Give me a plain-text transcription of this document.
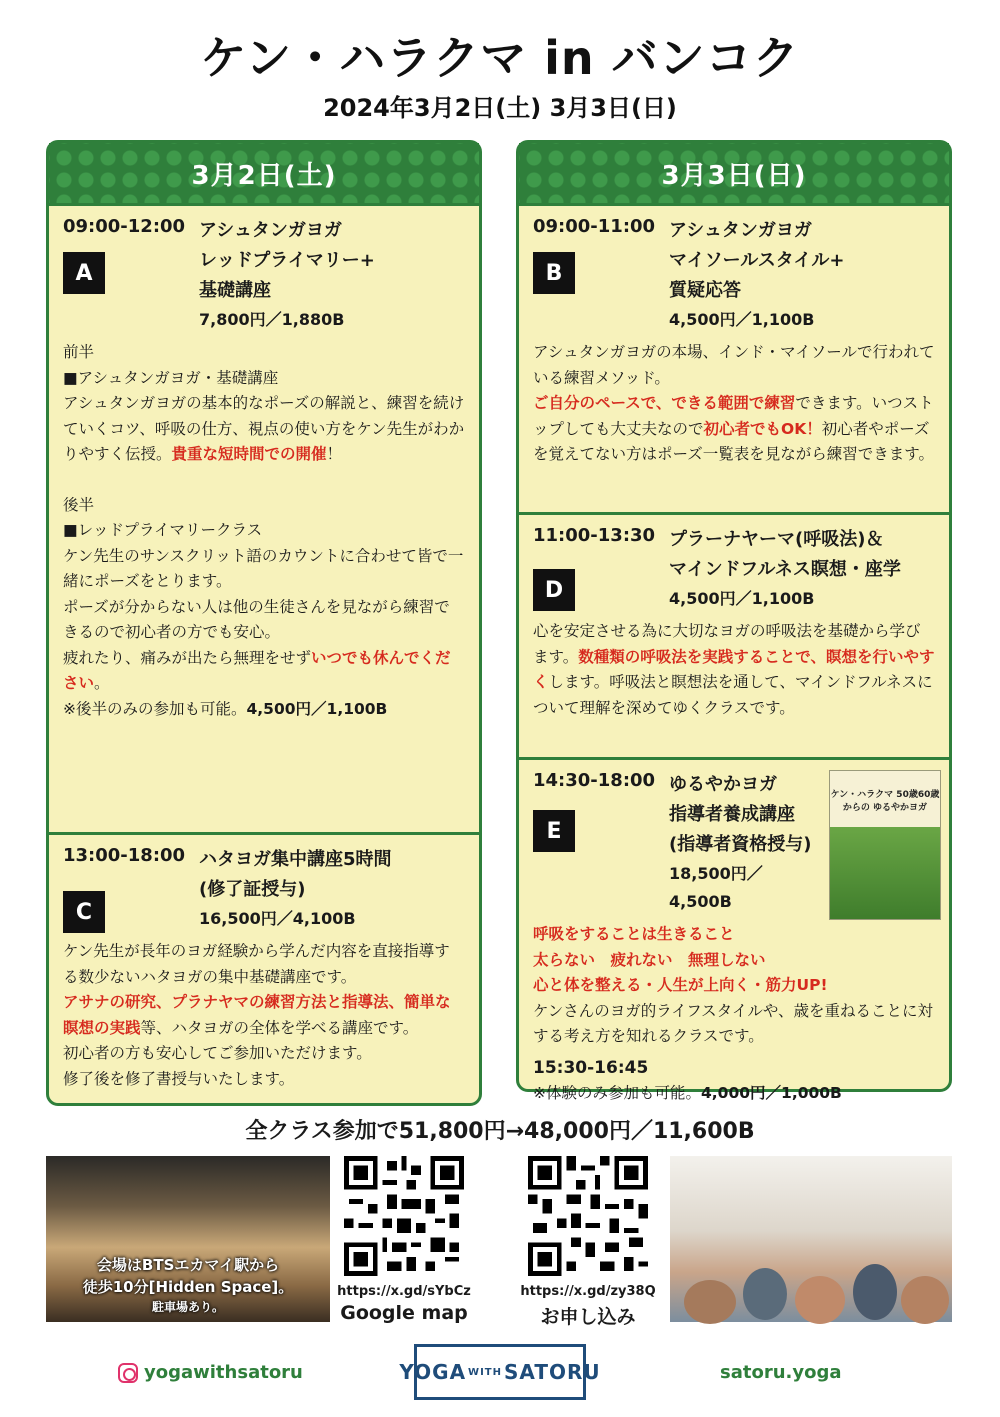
ケン・ハラクマ in バンコク
2024年3月2日(土) 3月3日(日)
3月2日(土)
09:00-12:00
A
アシュタンガヨガ
レッドプライマリー+
基礎講座
7,800円／1,880B
前半
■アシュタンガヨガ・基礎講座
アシュタンガヨガの基本的なポーズの解説と、練習を続けていくコツ、呼吸の仕方、視点の使い方をケン先生がわかりやすく伝授。貴重な短時間での開催！
後半
■レッドプライマリークラス
ケン先生のサンスクリット語のカウントに合わせて皆で一緒にポーズをとります。
ポーズが分からない人は他の生徒さんを見ながら練習できるので初心者の方でも安心。
疲れたり、痛みが出たら無理をせずいつでも休んでください。
※後半のみの参加も可能。4,500円／1,100B
13:00-18:00
C
ハタヨガ集中講座5時間
(修了証授与)
16,500円／4,100B
ケン先生が長年のヨガ経験から学んだ内容を直接指導する数少ないハタヨガの集中基礎講座です。
アサナの研究、プラナヤマの練習方法と指導法、簡単な瞑想の実践等、ハタヨガの全体を学べる講座です。
初心者の方も安心してご参加いただけます。
修了後を修了書授与いたします。
3月3日(日)
09:00-11:00
B
アシュタンガヨガ
マイソールスタイル+
質疑応答
4,500円／1,100B
アシュタンガヨガの本場、インド・マイソールで行われている練習メソッド。
ご自分のペースで、できる範囲で練習できます。いつストップしても大丈夫なので初心者でもOK！初心者やポーズを覚えてない方はポーズ一覧表を見ながら練習できます。
11:00-13:30
D
プラーナヤーマ(呼吸法)＆
マインドフルネス瞑想・座学
4,500円／1,100B
心を安定させる為に大切なヨガの呼吸法を基礎から学びます。数種類の呼吸法を実践することで、瞑想を行いやすくします。呼吸法と瞑想法を通して、マインドフルネスについて理解を深めてゆくクラスです。
ケン・ハラクマ 50歳60歳からの ゆるやかヨガ
14:30-18:00
E
ゆるやかヨガ
指導者養成講座
(指導者資格授与)
18,500円／4,500B
呼吸をすることは生きること
太らない　疲れない　無理しない
心と体を整える・人生が上向く・筋力UP!
ケンさんのヨガ的ライフスタイルや、歳を重ねることに対する考え方を知れるクラスです。
15:30-16:45
※体験のみ参加も可能。4,000円／1,000B
全クラス参加で51,800円→48,000円／11,600B
会場はBTSエカマイ駅から
徒歩10分[Hidden Space]。
駐車場あり。
https://x.gd/sYbCz
Google map
https://x.gd/zy38Q
お申し込み
yogawithsatoru	YOGA WITH SATORU	satoru.yoga
